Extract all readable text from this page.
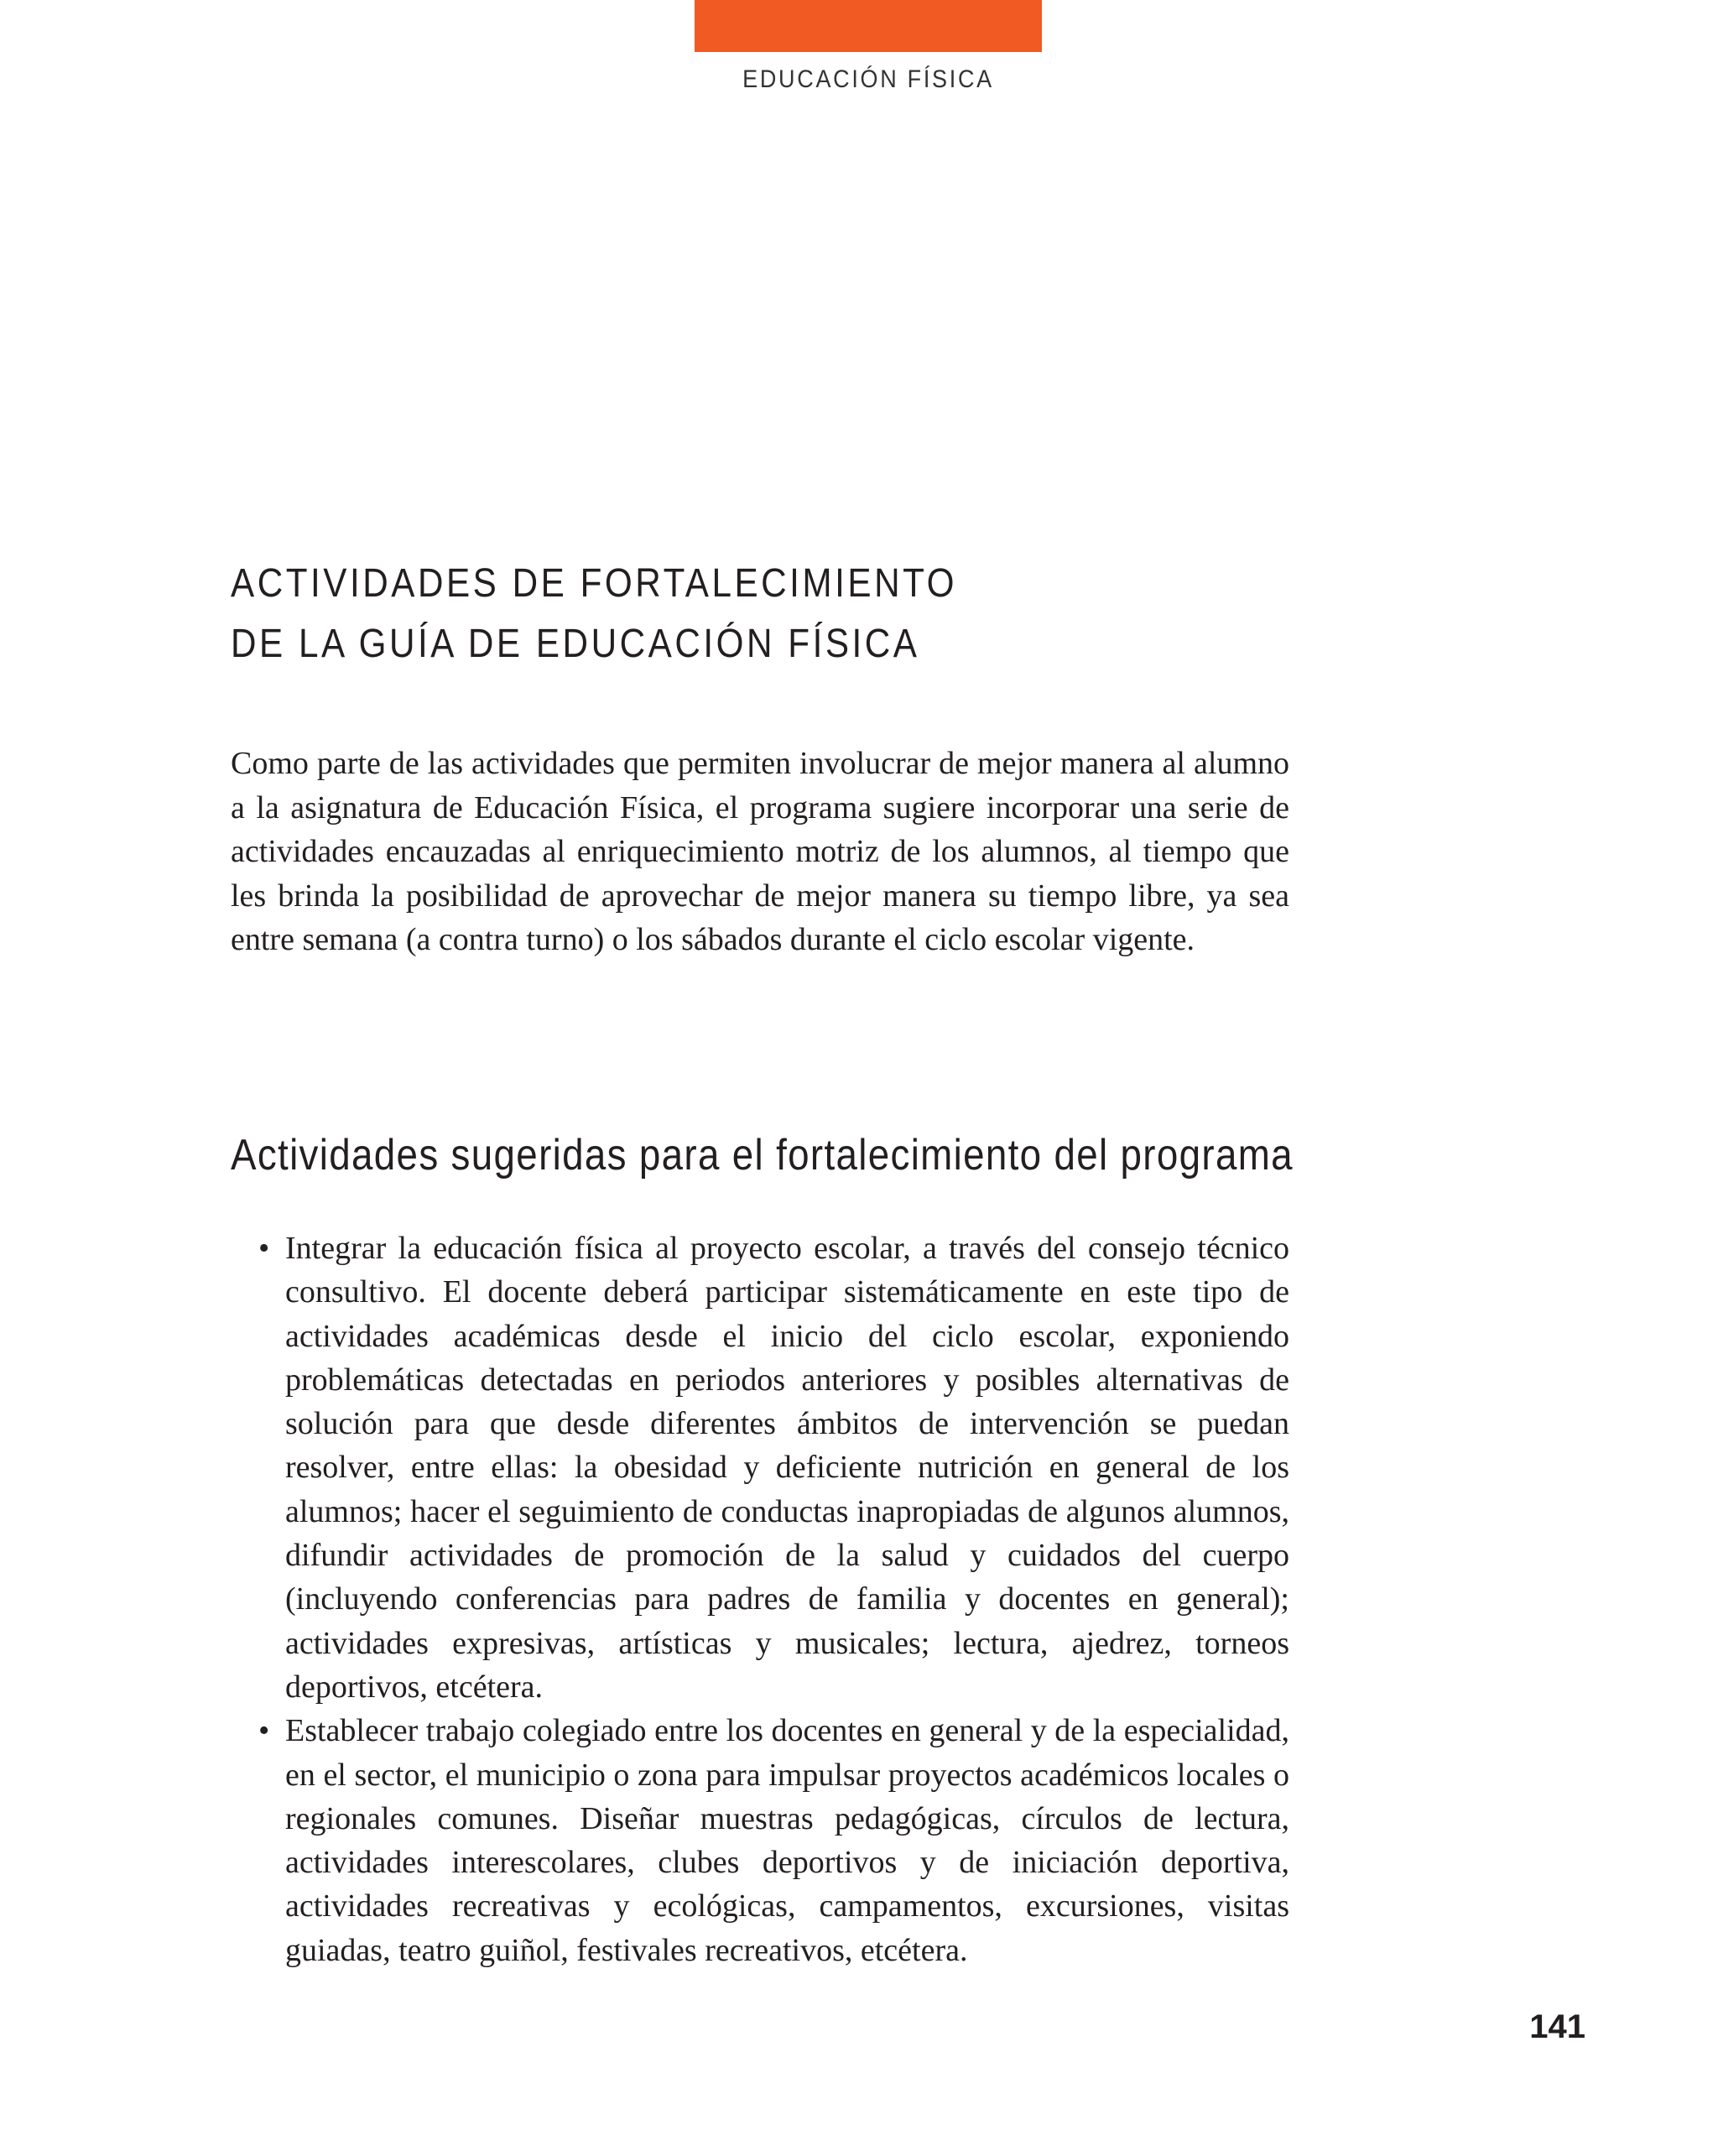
EDUCACIÓN FÍSICA
ACTIVIDADES DE FORTALECIMIENTO
DE LA GUÍA DE EDUCACIÓN FÍSICA

Como parte de las actividades que permiten involucrar de mejor manera al alumno a la asignatura de Educación Física, el programa sugiere incorporar una serie de actividades encauzadas al enriquecimiento motriz de los alumnos, al tiempo que les brinda la posibilidad de aprovechar de mejor manera su tiempo libre, ya sea entre semana (a contra turno) o los sábados durante el ciclo escolar vigente.

Actividades sugeridas para el fortalecimiento del programa
• Integrar la educación física al proyecto escolar, a través del consejo técnico consultivo. El docente deberá participar sistemáticamente en este tipo de actividades académicas desde el inicio del ciclo escolar, exponiendo problemáticas detectadas en periodos anteriores y posibles alternativas de solución para que desde diferentes ámbitos de intervención se puedan resolver, entre ellas: la obesidad y deficiente nutrición en general de los alumnos; hacer el seguimiento de conductas inapropiadas de algunos alumnos, difundir actividades de promoción de la salud y cuidados del cuerpo (incluyendo conferencias para padres de familia y docentes en general); actividades expresivas, artísticas y musicales; lectura, ajedrez, torneos deportivos, etcétera.
• Establecer trabajo colegiado entre los docentes en general y de la especialidad, en el sector, el municipio o zona para impulsar proyectos académicos locales o regionales comunes. Diseñar muestras pedagógicas, círculos de lectura, actividades interescolares, clubes deportivos y de iniciación deportiva, actividades recreativas y ecológicas, campamentos, excursiones, visitas guiadas, teatro guiñol, festivales recreativos, etcétera.
141
